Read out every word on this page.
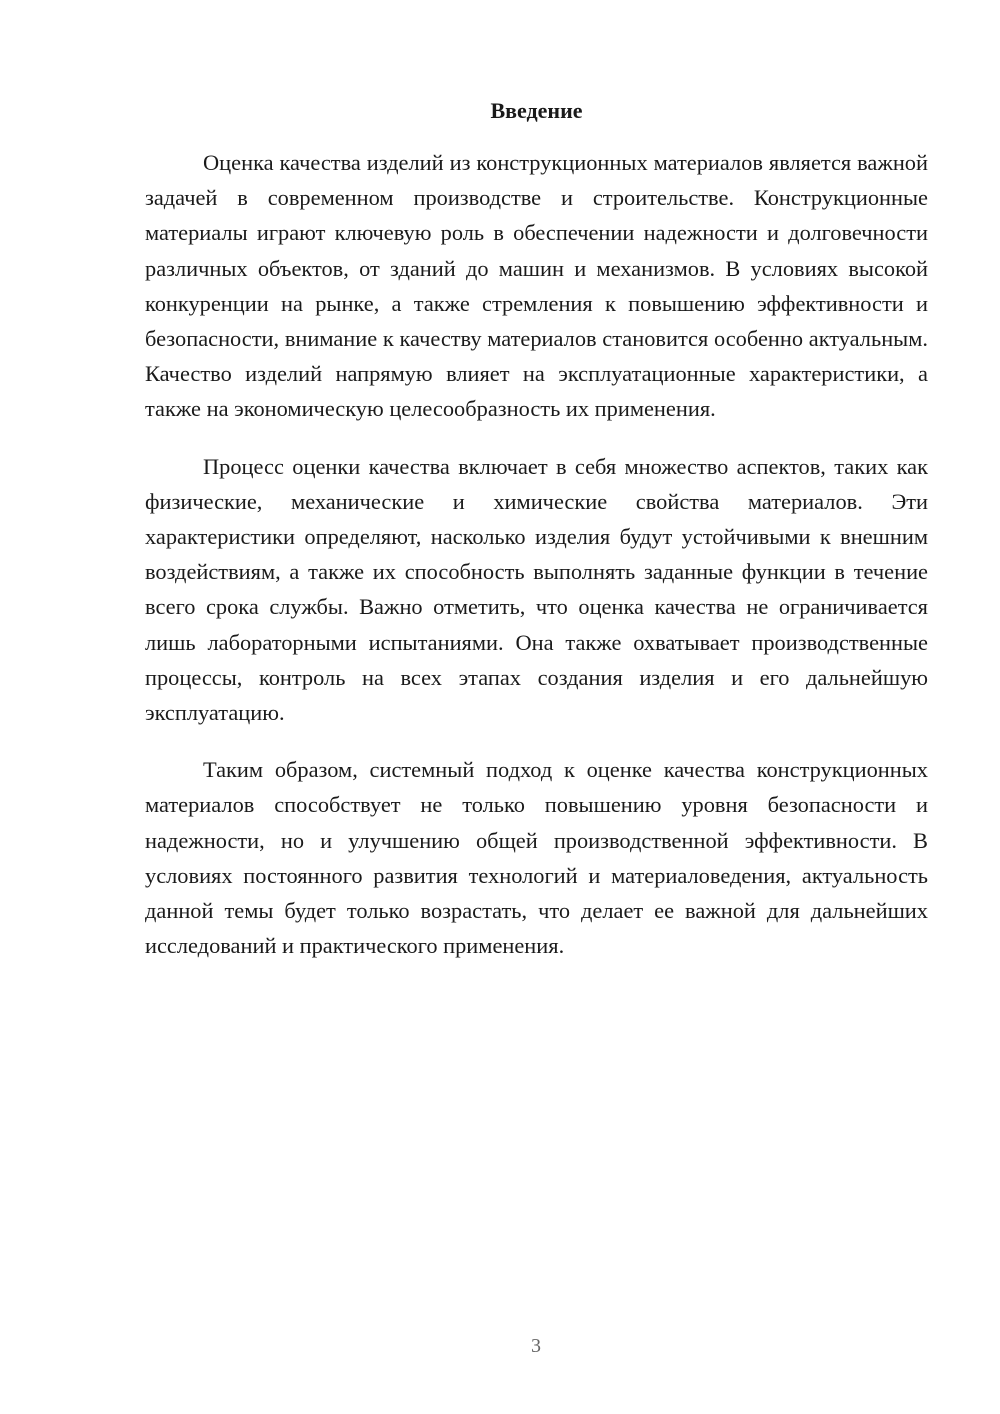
Введение

Оценка качества изделий из конструкционных материалов является важной задачей в современном производстве и строительстве. Конструкционные материалы играют ключевую роль в обеспечении надежности и долговечности различных объектов, от зданий до машин и механизмов. В условиях высокой конкуренции на рынке, а также стремления к повышению эффективности и безопасности, внимание к качеству материалов становится особенно актуальным. Качество изделий напрямую влияет на эксплуатационные характеристики, а также на экономическую целесообразность их применения.

Процесс оценки качества включает в себя множество аспектов, таких как физические, механические и химические свойства материалов. Эти характеристики определяют, насколько изделия будут устойчивыми к внешним воздействиям, а также их способность выполнять заданные функции в течение всего срока службы. Важно отметить, что оценка качества не ограничивается лишь лабораторными испытаниями. Она также охватывает производственные процессы, контроль на всех этапах создания изделия и его дальнейшую эксплуатацию.

Таким образом, системный подход к оценке качества конструкционных материалов способствует не только повышению уровня безопасности и надежности, но и улучшению общей производственной эффективности. В условиях постоянного развития технологий и материаловедения, актуальность данной темы будет только возрастать, что делает ее важной для дальнейших исследований и практического применения.

3
